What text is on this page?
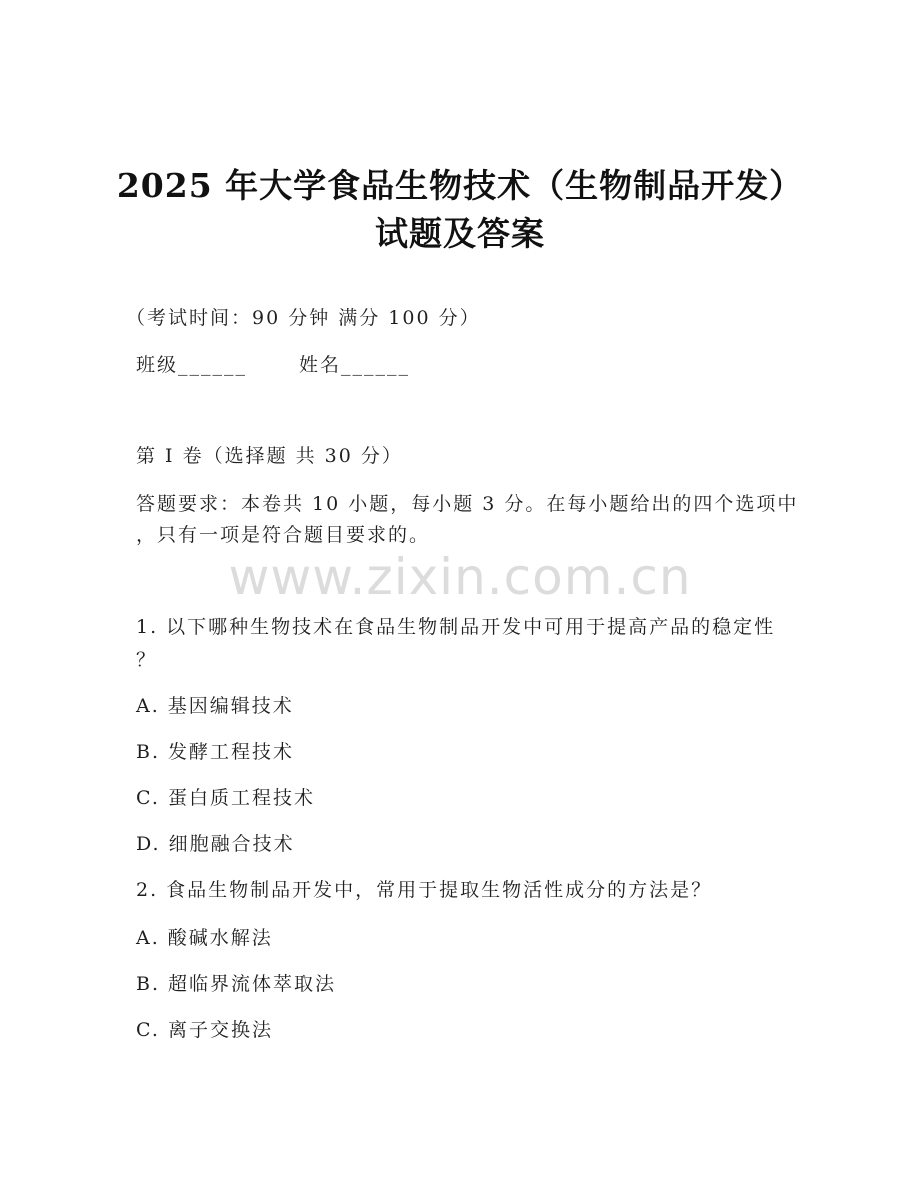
2025 年大学食品生物技术（生物制品开发）
试题及答案
（考试时间：90 分钟 满分 100 分）
班级______	姓名______
第 I 卷（选择题 共 30 分）
答题要求：本卷共 10 小题，每小题 3 分。在每小题给出的四个选项中
，只有一项是符合题目要求的。
www.zixin.com.cn
1. 以下哪种生物技术在食品生物制品开发中可用于提高产品的稳定性
？
A. 基因编辑技术
B. 发酵工程技术
C. 蛋白质工程技术
D. 细胞融合技术
2. 食品生物制品开发中，常用于提取生物活性成分的方法是？
A. 酸碱水解法
B. 超临界流体萃取法
C. 离子交换法
